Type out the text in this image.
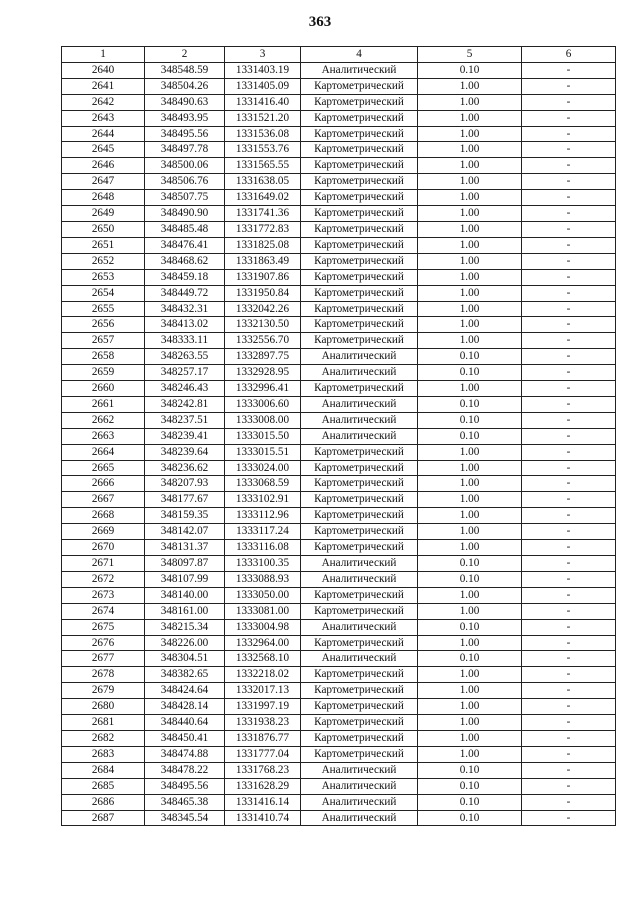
363
1	2	3	4	5	6
2640	348548.59	1331403.19	Аналитический	0.10	-
2641	348504.26	1331405.09	Картометрический	1.00	-
2642	348490.63	1331416.40	Картометрический	1.00	-
2643	348493.95	1331521.20	Картометрический	1.00	-
2644	348495.56	1331536.08	Картометрический	1.00	-
2645	348497.78	1331553.76	Картометрический	1.00	-
2646	348500.06	1331565.55	Картометрический	1.00	-
2647	348506.76	1331638.05	Картометрический	1.00	-
2648	348507.75	1331649.02	Картометрический	1.00	-
2649	348490.90	1331741.36	Картометрический	1.00	-
2650	348485.48	1331772.83	Картометрический	1.00	-
2651	348476.41	1331825.08	Картометрический	1.00	-
2652	348468.62	1331863.49	Картометрический	1.00	-
2653	348459.18	1331907.86	Картометрический	1.00	-
2654	348449.72	1331950.84	Картометрический	1.00	-
2655	348432.31	1332042.26	Картометрический	1.00	-
2656	348413.02	1332130.50	Картометрический	1.00	-
2657	348333.11	1332556.70	Картометрический	1.00	-
2658	348263.55	1332897.75	Аналитический	0.10	-
2659	348257.17	1332928.95	Аналитический	0.10	-
2660	348246.43	1332996.41	Картометрический	1.00	-
2661	348242.81	1333006.60	Аналитический	0.10	-
2662	348237.51	1333008.00	Аналитический	0.10	-
2663	348239.41	1333015.50	Аналитический	0.10	-
2664	348239.64	1333015.51	Картометрический	1.00	-
2665	348236.62	1333024.00	Картометрический	1.00	-
2666	348207.93	1333068.59	Картометрический	1.00	-
2667	348177.67	1333102.91	Картометрический	1.00	-
2668	348159.35	1333112.96	Картометрический	1.00	-
2669	348142.07	1333117.24	Картометрический	1.00	-
2670	348131.37	1333116.08	Картометрический	1.00	-
2671	348097.87	1333100.35	Аналитический	0.10	-
2672	348107.99	1333088.93	Аналитический	0.10	-
2673	348140.00	1333050.00	Картометрический	1.00	-
2674	348161.00	1333081.00	Картометрический	1.00	-
2675	348215.34	1333004.98	Аналитический	0.10	-
2676	348226.00	1332964.00	Картометрический	1.00	-
2677	348304.51	1332568.10	Аналитический	0.10	-
2678	348382.65	1332218.02	Картометрический	1.00	-
2679	348424.64	1332017.13	Картометрический	1.00	-
2680	348428.14	1331997.19	Картометрический	1.00	-
2681	348440.64	1331938.23	Картометрический	1.00	-
2682	348450.41	1331876.77	Картометрический	1.00	-
2683	348474.88	1331777.04	Картометрический	1.00	-
2684	348478.22	1331768.23	Аналитический	0.10	-
2685	348495.56	1331628.29	Аналитический	0.10	-
2686	348465.38	1331416.14	Аналитический	0.10	-
2687	348345.54	1331410.74	Аналитический	0.10	-
